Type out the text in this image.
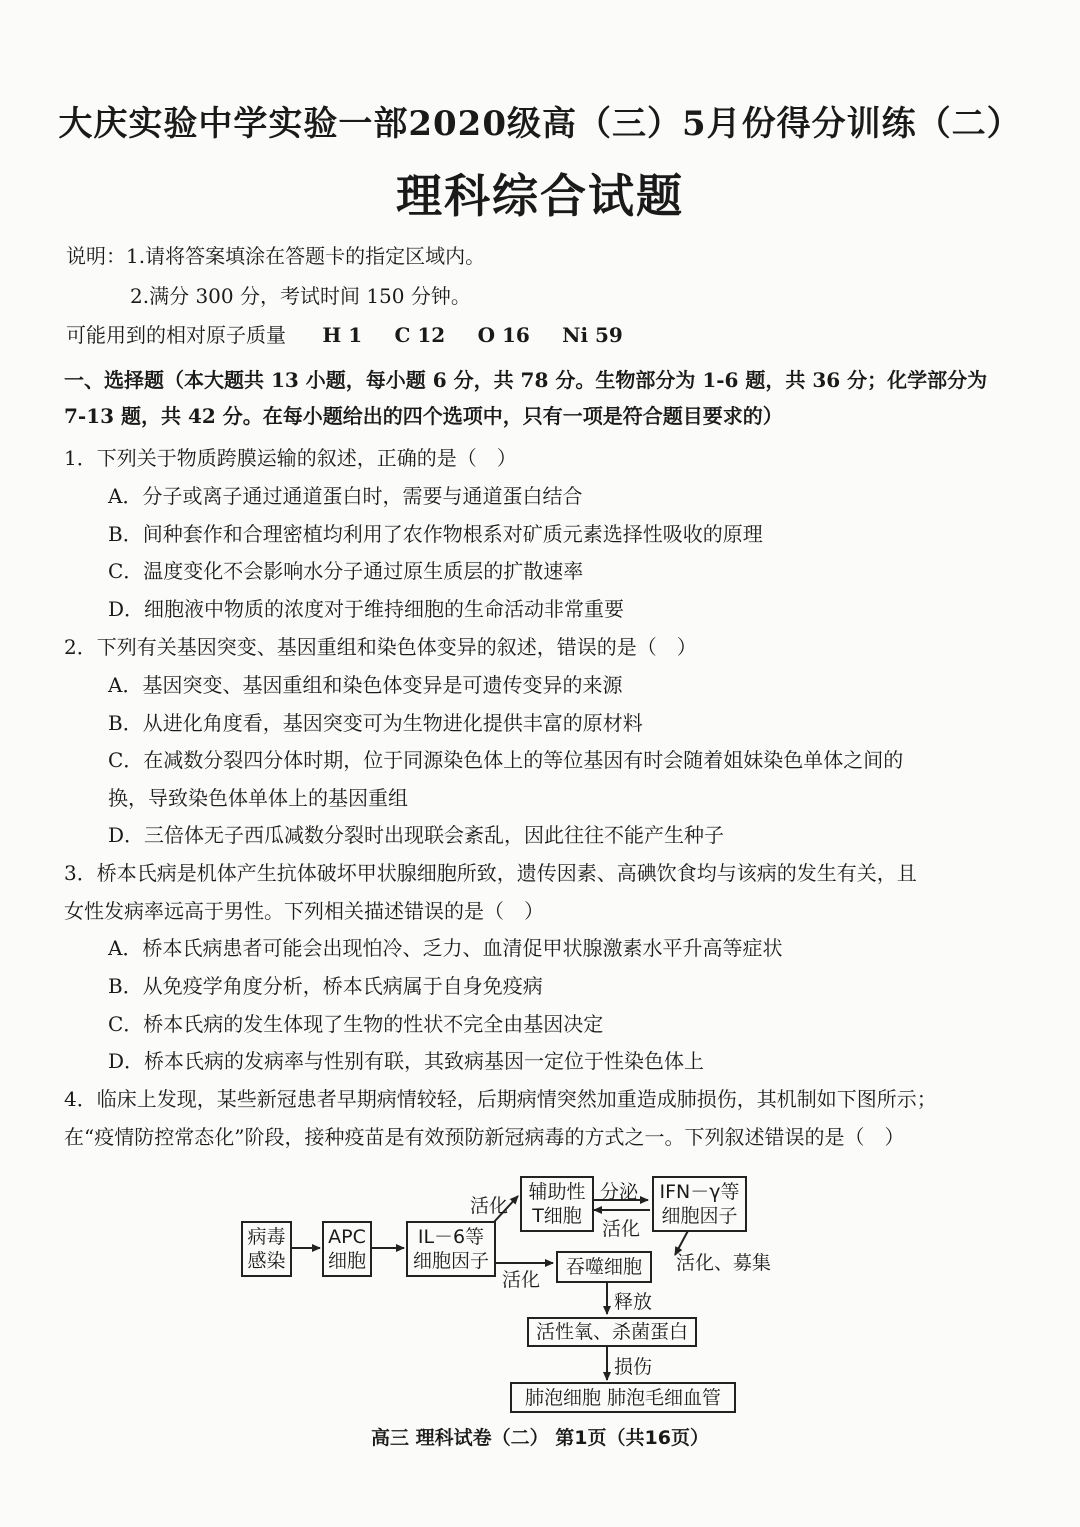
大庆实验中学实验一部2020级高（三）5月份得分训练（二）
理科综合试题
说明：1.请将答案填涂在答题卡的指定区域内。
2.满分 300 分，考试时间 150 分钟。
可能用到的相对原子质量 H 1 C 12 O 16 Ni 59
一、选择题（本大题共 13 小题，每小题 6 分，共 78 分。生物部分为 1-6 题，共 36 分；化学部分为
7-13 题，共 42 分。在每小题给出的四个选项中，只有一项是符合题目要求的）
1．下列关于物质跨膜运输的叙述，正确的是（　）
A．分子或离子通过通道蛋白时，需要与通道蛋白结合
B．间种套作和合理密植均利用了农作物根系对矿质元素选择性吸收的原理
C．温度变化不会影响水分子通过原生质层的扩散速率
D．细胞液中物质的浓度对于维持细胞的生命活动非常重要
2．下列有关基因突变、基因重组和染色体变异的叙述，错误的是（　）
A．基因突变、基因重组和染色体变异是可遗传变异的来源
B．从进化角度看，基因突变可为生物进化提供丰富的原材料
C．在减数分裂四分体时期，位于同源染色体上的等位基因有时会随着姐妹染色单体之间的
换，导致染色体单体上的基因重组
D．三倍体无子西瓜减数分裂时出现联会紊乱，因此往往不能产生种子
3．桥本氏病是机体产生抗体破坏甲状腺细胞所致，遗传因素、高碘饮食均与该病的发生有关，且
女性发病率远高于男性。下列相关描述错误的是（　）
A．桥本氏病患者可能会出现怕冷、乏力、血清促甲状腺激素水平升高等症状
B．从免疫学角度分析，桥本氏病属于自身免疫病
C．桥本氏病的发生体现了生物的性状不完全由基因决定
D．桥本氏病的发病率与性别有联，其致病基因一定位于性染色体上
4．临床上发现，某些新冠患者早期病情较轻，后期病情突然加重造成肺损伤，其机制如下图所示；
在“疫情防控常态化”阶段，接种疫苗是有效预防新冠病毒的方式之一。下列叙述错误的是（　）
病毒
感染
APC
细胞
IL－6等
细胞因子
辅助性
T细胞
IFN－γ等
细胞因子
吞噬细胞
活性氧、杀菌蛋白
肺泡细胞 肺泡毛细血管
活化
分泌
活化
活化
活化、募集
释放
损伤
高三 理科试卷（二） 第1页（共16页）
